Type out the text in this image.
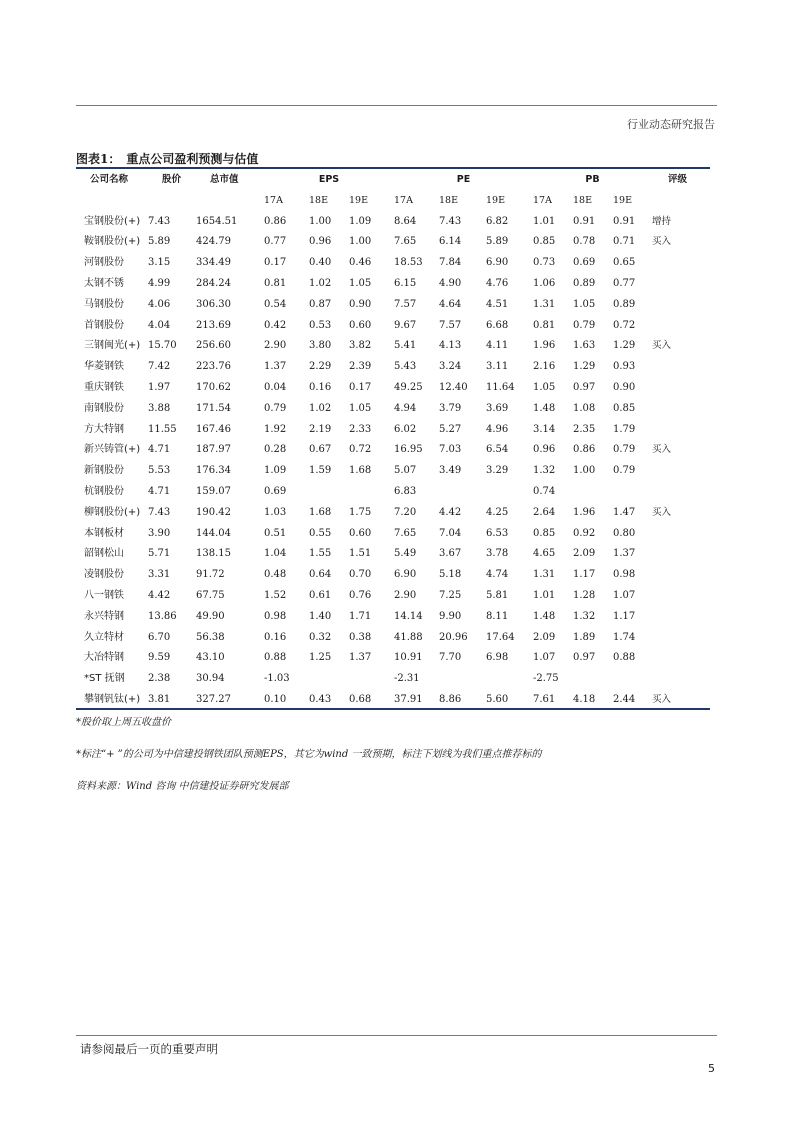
行业动态研究报告
图表1： 重点公司盈利预测与估值
公司名称	股价	总市值	EPS			PE			PB			评级
			17A	18E	19E	17A	18E	19E	17A	18E	19E	
宝钢股份(+)	7.43	1654.51	0.86	1.00	1.09	8.64	7.43	6.82	1.01	0.91	0.91	增持
鞍钢股份(+)	5.89	424.79	0.77	0.96	1.00	7.65	6.14	5.89	0.85	0.78	0.71	买入
河钢股份	3.15	334.49	0.17	0.40	0.46	18.53	7.84	6.90	0.73	0.69	0.65	
太钢不锈	4.99	284.24	0.81	1.02	1.05	6.15	4.90	4.76	1.06	0.89	0.77	
马钢股份	4.06	306.30	0.54	0.87	0.90	7.57	4.64	4.51	1.31	1.05	0.89	
首钢股份	4.04	213.69	0.42	0.53	0.60	9.67	7.57	6.68	0.81	0.79	0.72	
三钢闽光(+)	15.70	256.60	2.90	3.80	3.82	5.41	4.13	4.11	1.96	1.63	1.29	买入
华菱钢铁	7.42	223.76	1.37	2.29	2.39	5.43	3.24	3.11	2.16	1.29	0.93	
重庆钢铁	1.97	170.62	0.04	0.16	0.17	49.25	12.40	11.64	1.05	0.97	0.90	
南钢股份	3.88	171.54	0.79	1.02	1.05	4.94	3.79	3.69	1.48	1.08	0.85	
方大特钢	11.55	167.46	1.92	2.19	2.33	6.02	5.27	4.96	3.14	2.35	1.79	
新兴铸管(+)	4.71	187.97	0.28	0.67	0.72	16.95	7.03	6.54	0.96	0.86	0.79	买入
新钢股份	5.53	176.34	1.09	1.59	1.68	5.07	3.49	3.29	1.32	1.00	0.79	
杭钢股份	4.71	159.07	0.69			6.83			0.74			
柳钢股份(+)	7.43	190.42	1.03	1.68	1.75	7.20	4.42	4.25	2.64	1.96	1.47	买入
本钢板材	3.90	144.04	0.51	0.55	0.60	7.65	7.04	6.53	0.85	0.92	0.80	
韶钢松山	5.71	138.15	1.04	1.55	1.51	5.49	3.67	3.78	4.65	2.09	1.37	
凌钢股份	3.31	91.72	0.48	0.64	0.70	6.90	5.18	4.74	1.31	1.17	0.98	
八一钢铁	4.42	67.75	1.52	0.61	0.76	2.90	7.25	5.81	1.01	1.28	1.07	
永兴特钢	13.86	49.90	0.98	1.40	1.71	14.14	9.90	8.11	1.48	1.32	1.17	
久立特材	6.70	56.38	0.16	0.32	0.38	41.88	20.96	17.64	2.09	1.89	1.74	
大冶特钢	9.59	43.10	0.88	1.25	1.37	10.91	7.70	6.98	1.07	0.97	0.88	
*ST 抚钢	2.38	30.94	-1.03			-2.31			-2.75			
攀钢钒钛(+)	3.81	327.27	0.10	0.43	0.68	37.91	8.86	5.60	7.61	4.18	2.44	买入
*股价取上周五收盘价
*标注“+ ”的公司为中信建投钢铁团队预测EPS，其它为wind 一致预期，标注下划线为我们重点推荐标的
资料来源：Wind 咨询 中信建投证券研究发展部
请参阅最后一页的重要声明
5
